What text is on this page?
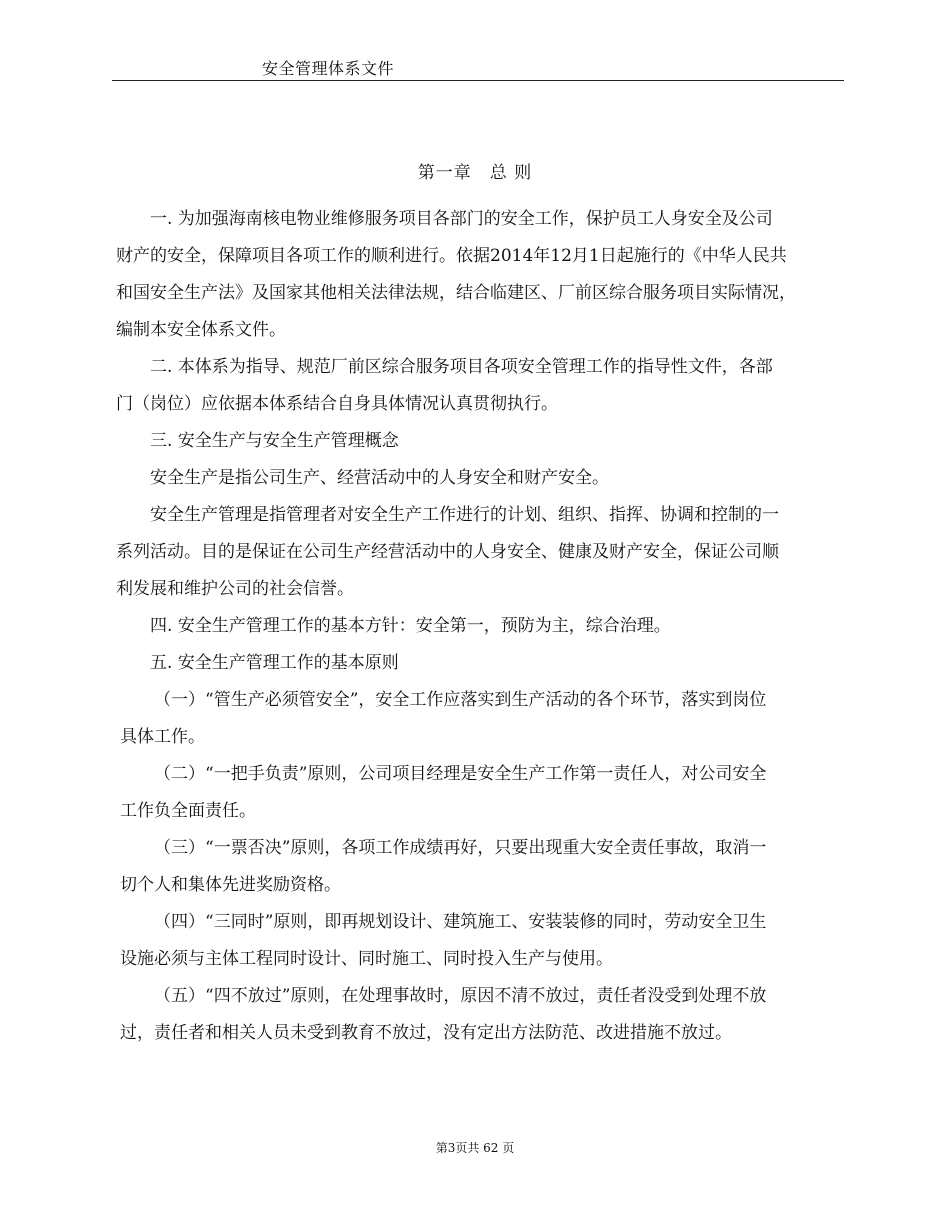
安全管理体系文件
第一章　总 则
一. 为加强海南核电物业维修服务项目各部门的安全工作，保护员工人身安全及公司
财产的安全，保障项目各项工作的顺利进行。依据2014年12月1日起施行的《中华人民共
和国安全生产法》及国家其他相关法律法规，结合临建区、厂前区综合服务项目实际情况，
编制本安全体系文件。
二. 本体系为指导、规范厂前区综合服务项目各项安全管理工作的指导性文件，各部
门（岗位）应依据本体系结合自身具体情况认真贯彻执行。
三. 安全生产与安全生产管理概念
安全生产是指公司生产、经营活动中的人身安全和财产安全。
安全生产管理是指管理者对安全生产工作进行的计划、组织、指挥、协调和控制的一
系列活动。目的是保证在公司生产经营活动中的人身安全、健康及财产安全，保证公司顺
利发展和维护公司的社会信誉。
四. 安全生产管理工作的基本方针：安全第一，预防为主，综合治理。
五. 安全生产管理工作的基本原则
（一）“管生产必须管安全”，安全工作应落实到生产活动的各个环节，落实到岗位
具体工作。
（二）“一把手负责”原则，公司项目经理是安全生产工作第一责任人，对公司安全
工作负全面责任。
（三）“一票否决”原则，各项工作成绩再好，只要出现重大安全责任事故，取消一
切个人和集体先进奖励资格。
（四）“三同时”原则，即再规划设计、建筑施工、安装装修的同时，劳动安全卫生
设施必须与主体工程同时设计、同时施工、同时投入生产与使用。
（五）“四不放过”原则，在处理事故时，原因不清不放过，责任者没受到处理不放
过，责任者和相关人员未受到教育不放过，没有定出方法防范、改进措施不放过。
第3页共 62 页
